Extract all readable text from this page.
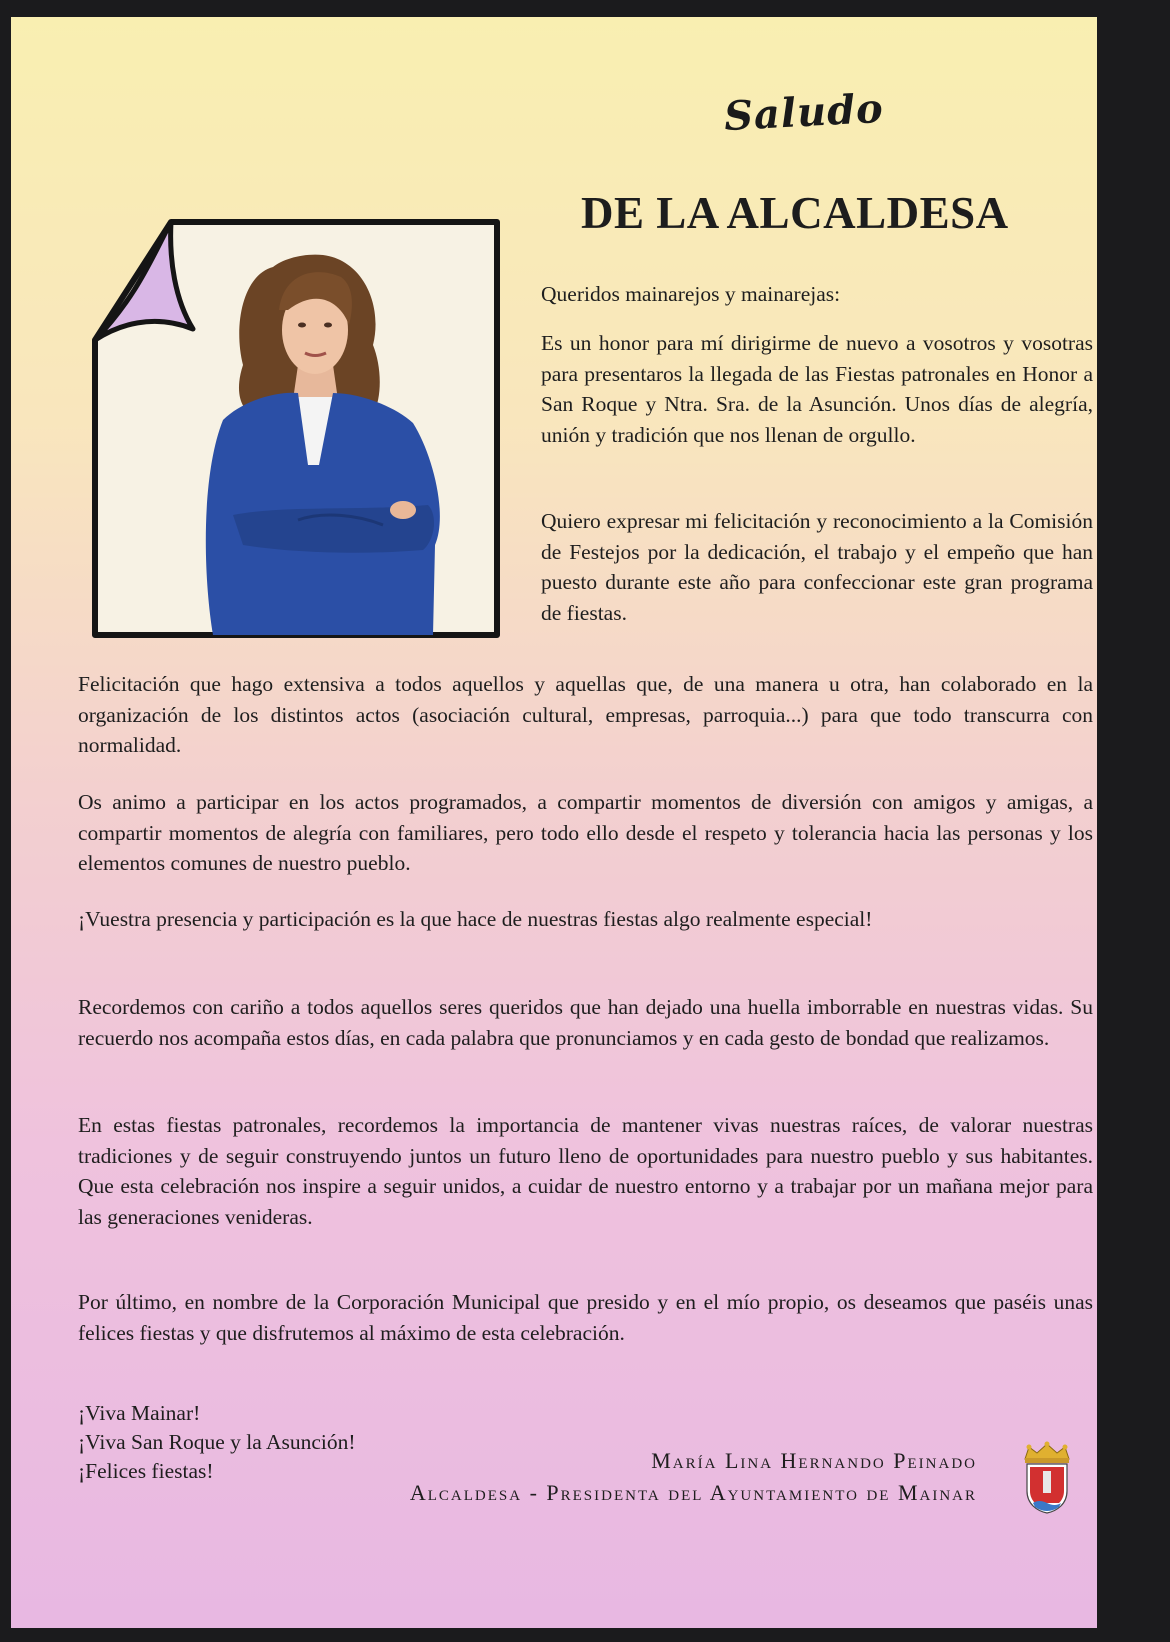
Saludo
DE LA ALCALDESA
Queridos mainarejos y mainarejas:

Es un honor para mí dirigirme de nuevo a vosotros y vosotras para presentaros la llegada de las Fiestas patronales en Honor a San Roque y Ntra. Sra. de la Asunción. Unos días de alegría, unión y tradición que nos llenan de orgullo.

Quiero expresar mi felicitación y reconocimiento a la Comisión de Festejos por la dedicación, el trabajo y el empeño que han puesto durante este año para confeccionar este gran programa de fiestas.

Felicitación que hago extensiva a todos aquellos y aquellas que, de una manera u otra, han colaborado en la organización de los distintos actos (asociación cultural, empresas, parroquia...) para que todo transcurra con normalidad.

Os animo a participar en los actos programados, a compartir momentos de diversión con amigos y amigas, a compartir momentos de alegría con familiares, pero todo ello desde el respeto y tolerancia hacia las personas y los elementos comunes de nuestro pueblo.

¡Vuestra presencia y participación es la que hace de nuestras fiestas algo realmente especial!

Recordemos con cariño a todos aquellos seres queridos que han dejado una huella imborrable en nuestras vidas. Su recuerdo nos acompaña estos días, en cada palabra que pronunciamos y en cada gesto de bondad que realizamos.

En estas fiestas patronales, recordemos la importancia de mantener vivas nuestras raíces, de valorar nuestras tradiciones y de seguir construyendo juntos un futuro lleno de oportunidades para nuestro pueblo y sus habitantes. Que esta celebración nos inspire a seguir unidos, a cuidar de nuestro entorno y a trabajar por un mañana mejor para las generaciones venideras.

Por último, en nombre de la Corporación Municipal que presido y en el mío propio, os deseamos que paséis unas felices fiestas y que disfrutemos al máximo de esta celebración.

¡Viva Mainar!
¡Viva San Roque y la Asunción!
¡Felices fiestas!	María Lina Hernando Peinado
Alcaldesa - Presidenta del Ayuntamiento de Mainar
